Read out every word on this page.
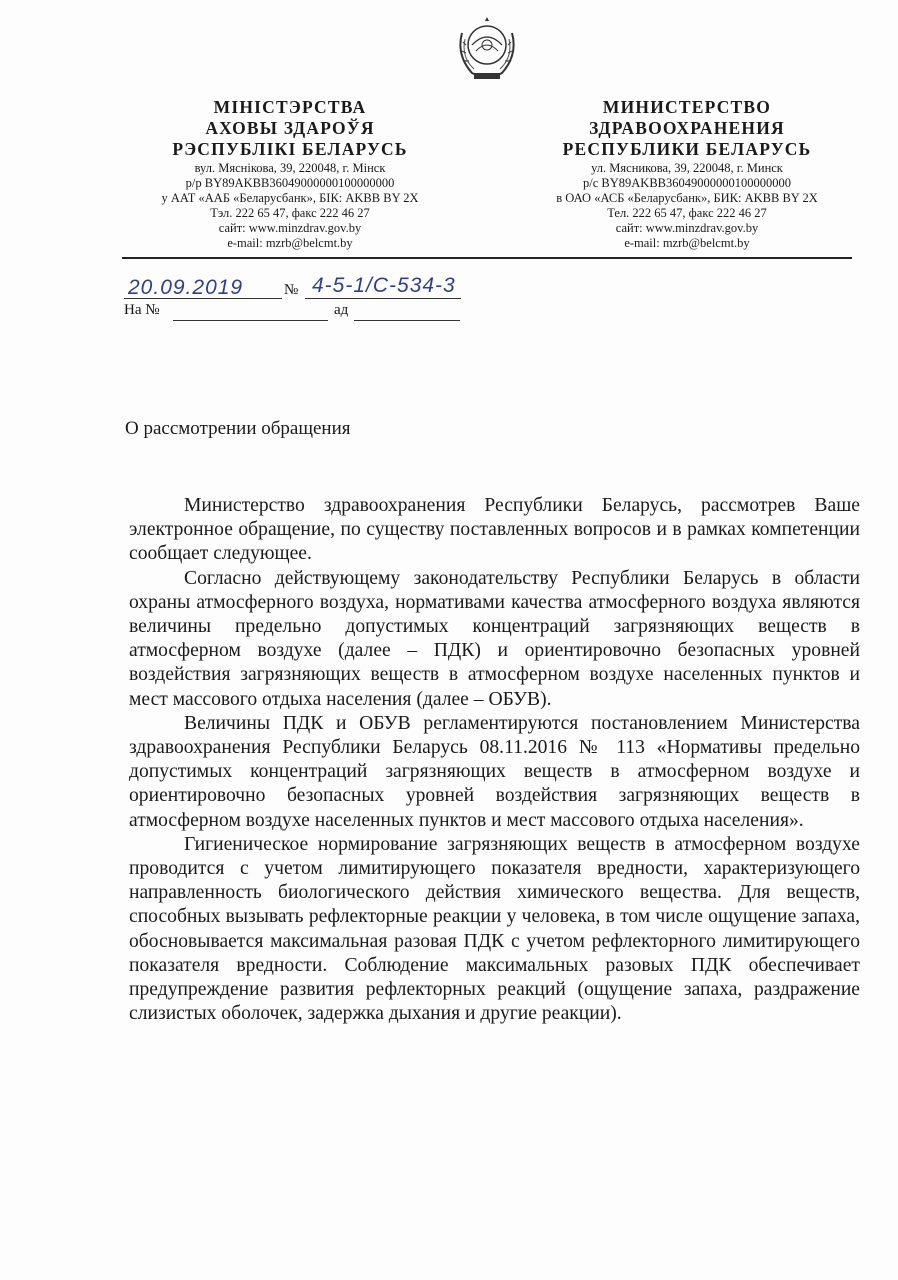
МІНІСТЭРСТВА
АХОВЫ ЗДАРОЎЯ
РЭСПУБЛІКІ БЕЛАРУСЬ
вул. Мяснікова, 39, 220048, г. Мінск
р/р BY89AKBB36049000000100000000
у ААТ «ААБ «Беларусбанк», БІК: AKBB BY 2X
Тэл. 222 65 47, факс 222 46 27
сайт: www.minzdrav.gov.by
e-mail: mzrb@belcmt.by
МИНИСТЕРСТВО
ЗДРАВООХРАНЕНИЯ
РЕСПУБЛИКИ БЕЛАРУСЬ
ул. Мясникова, 39, 220048, г. Минск
р/с BY89AKBB36049000000100000000
в ОАО «АСБ «Беларусбанк», БИК: AKBB BY 2X
Тел. 222 65 47, факс 222 46 27
сайт: www.minzdrav.gov.by
e-mail: mzrb@belcmt.by
20.09.2019	№ 4-5-1/С-534-3
На №	ад
О рассмотрении обращения

Министерство здравоохранения Республики Беларусь, рассмотрев Ваше электронное обращение, по существу поставленных вопросов и в рамках компетенции сообщает следующее.

Согласно действующему законодательству Республики Беларусь в области охраны атмосферного воздуха, нормативами качества атмосферного воздуха являются величины предельно допустимых концентраций загрязняющих веществ в атмосферном воздухе (далее – ПДК) и ориентировочно безопасных уровней воздействия загрязняющих веществ в атмосферном воздухе населенных пунктов и мест массового отдыха населения (далее – ОБУВ).

Величины ПДК и ОБУВ регламентируются постановлением Министерства здравоохранения Республики Беларусь 08.11.2016 № 113 «Нормативы предельно допустимых концентраций загрязняющих веществ в атмосферном воздухе и ориентировочно безопасных уровней воздействия загрязняющих веществ в атмосферном воздухе населенных пунктов и мест массового отдыха населения».

Гигиеническое нормирование загрязняющих веществ в атмосферном воздухе проводится с учетом лимитирующего показателя вредности, характеризующего направленность биологического действия химического вещества. Для веществ, способных вызывать рефлекторные реакции у человека, в том числе ощущение запаха, обосновывается максимальная разовая ПДК с учетом рефлекторного лимитирующего показателя вредности. Соблюдение максимальных разовых ПДК обеспечивает предупреждение развития рефлекторных реакций (ощущение запаха, раздражение слизистых оболочек, задержка дыхания и другие реакции).
